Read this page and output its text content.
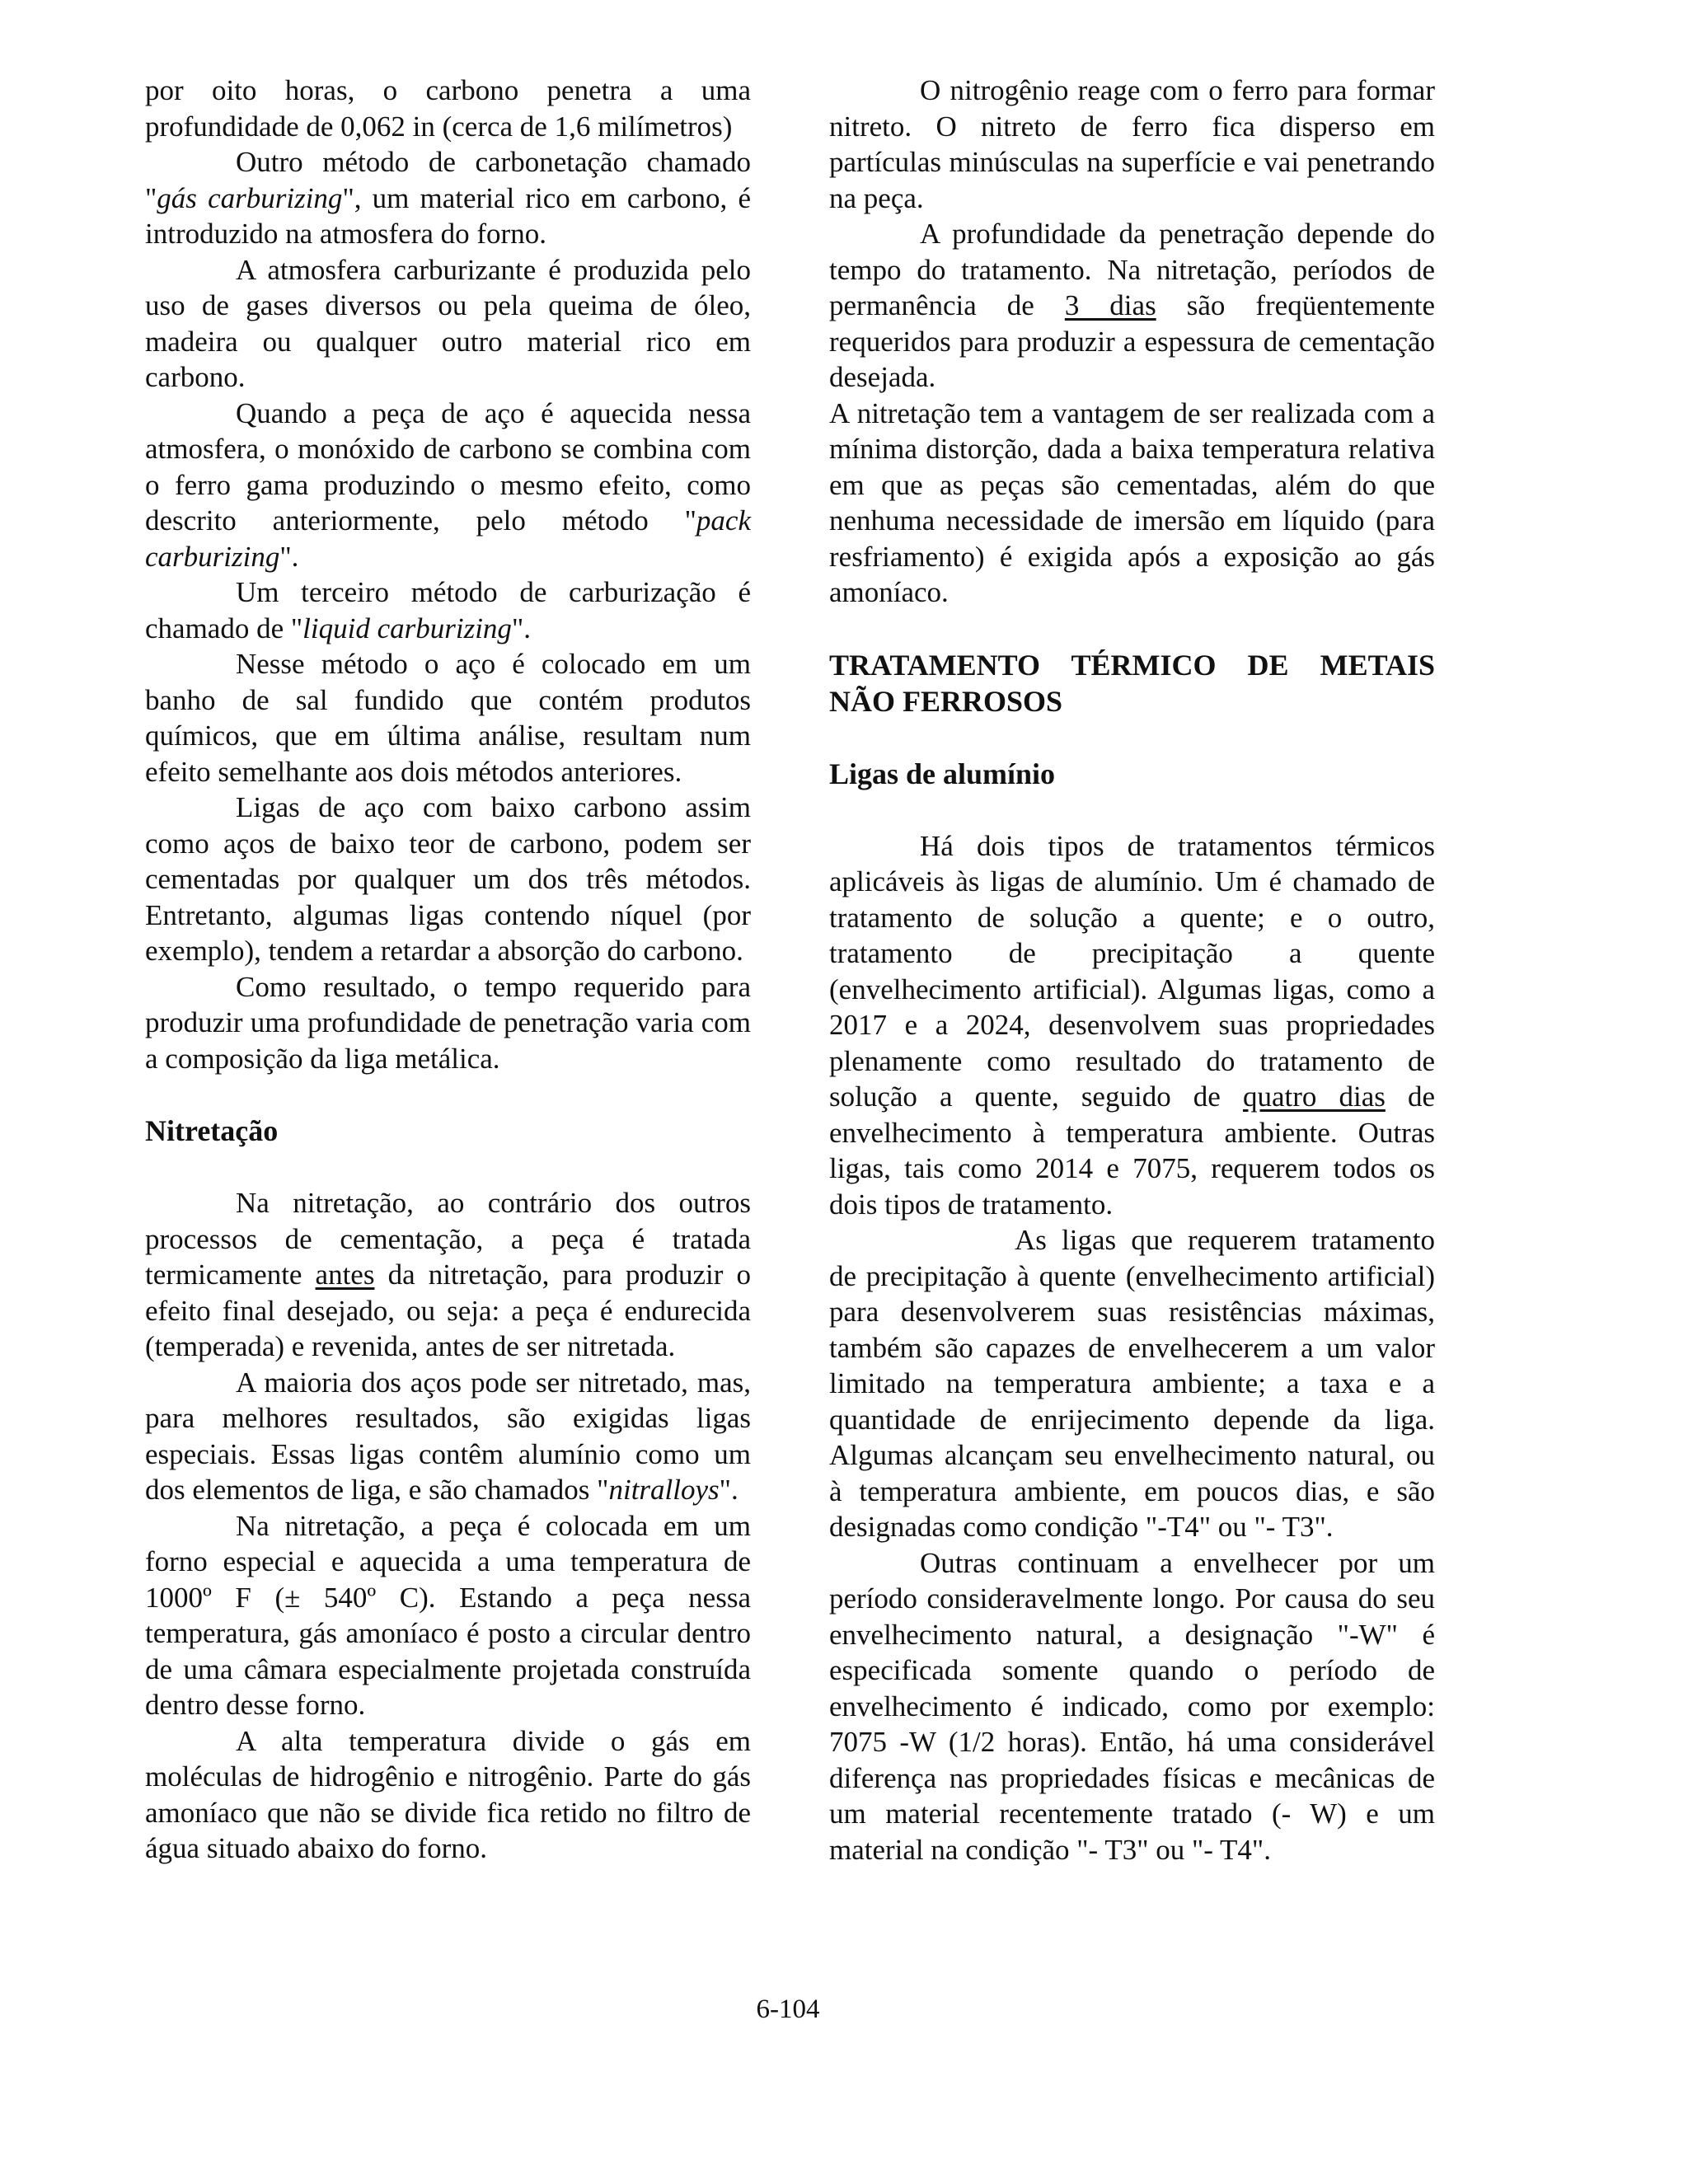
por oito horas, o carbono penetra a uma profundidade de 0,062 in (cerca de 1,6 milímetros)

Outro método de carbonetação chamado "gás carburizing", um material rico em carbono, é introduzido na atmosfera do forno.

A atmosfera carburizante é produzida pelo uso de gases diversos ou pela queima de óleo, madeira ou qualquer outro material rico em carbono.

Quando a peça de aço é aquecida nessa atmosfera, o monóxido de carbono se combina com o ferro gama produzindo o mesmo efeito, como descrito anteriormente, pelo método "pack carburizing".

Um terceiro método de carburização é chamado de "liquid carburizing".

Nesse método o aço é colocado em um banho de sal fundido que contém produtos químicos, que em última análise, resultam num efeito semelhante aos dois métodos anteriores.

Ligas de aço com baixo carbono assim como aços de baixo teor de carbono, podem ser cementadas por qualquer um dos três métodos. Entretanto, algumas ligas contendo níquel (por exemplo), tendem a retardar a absorção do carbono.

Como resultado, o tempo requerido para produzir uma profundidade de penetração varia com a composição da liga metálica.

Nitretação

Na nitretação, ao contrário dos outros processos de cementação, a peça é tratada termicamente antes da nitretação, para produzir o efeito final desejado, ou seja: a peça é endurecida (temperada) e revenida, antes de ser nitretada.

A maioria dos aços pode ser nitretado, mas, para melhores resultados, são exigidas ligas especiais. Essas ligas contêm alumínio como um dos elementos de liga, e são chamados "nitralloys".

Na nitretação, a peça é colocada em um forno especial e aquecida a uma temperatura de 1000º F (± 540º C). Estando a peça nessa temperatura, gás amoníaco é posto a circular dentro de uma câmara especialmente projetada construída dentro desse forno.

A alta temperatura divide o gás em moléculas de hidrogênio e nitrogênio. Parte do gás amoníaco que não se divide fica retido no filtro de água situado abaixo do forno.

O nitrogênio reage com o ferro para formar nitreto. O nitreto de ferro fica disperso em partículas minúsculas na superfície e vai penetrando na peça.

A profundidade da penetração depende do tempo do tratamento. Na nitretação, períodos de permanência de 3 dias são freqüentemente requeridos para produzir a espessura de cementação desejada.

A nitretação tem a vantagem de ser realizada com a mínima distorção, dada a baixa temperatura relativa em que as peças são cementadas, além do que nenhuma necessidade de imersão em líquido (para resfriamento) é exigida após a exposição ao gás amoníaco.

TRATAMENTO TÉRMICO DE METAIS NÃO FERROSOS
Ligas de alumínio

Há dois tipos de tratamentos térmicos aplicáveis às ligas de alumínio. Um é chamado de tratamento de solução a quente; e o outro, tratamento de precipitação a quente (envelhecimento artificial). Algumas ligas, como a 2017 e a 2024, desenvolvem suas propriedades plenamente como resultado do tratamento de solução a quente, seguido de quatro dias de envelhecimento à temperatura ambiente. Outras ligas, tais como 2014 e 7075, requerem todos os dois tipos de tratamento.

As ligas que requerem tratamento de precipitação à quente (envelhecimento artificial) para desenvolverem suas resistências máximas, também são capazes de envelhecerem a um valor limitado na temperatura ambiente; a taxa e a quantidade de enrijecimento depende da liga. Algumas alcançam seu envelhecimento natural, ou à temperatura ambiente, em poucos dias, e são designadas como condição "-T4" ou "- T3".

Outras continuam a envelhecer por um período consideravelmente longo. Por causa do seu envelhecimento natural, a designação "-W" é especificada somente quando o período de envelhecimento é indicado, como por exemplo: 7075 -W (1/2 horas). Então, há uma considerável diferença nas propriedades físicas e mecânicas de um material recentemente tratado (- W) e um material na condição "- T3" ou "- T4".

6-104
